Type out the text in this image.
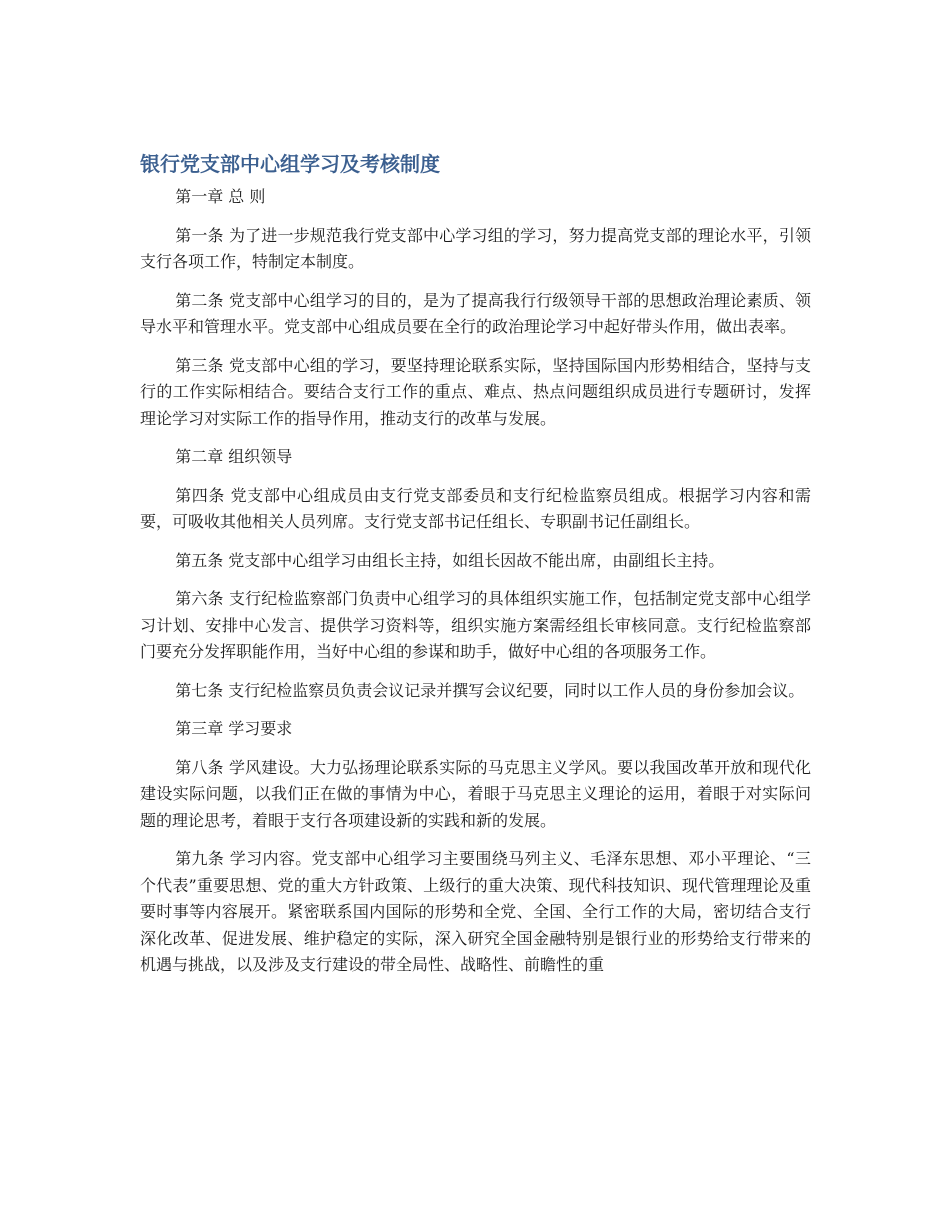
银行党支部中心组学习及考核制度

第一章 总 则

第一条 为了进一步规范我行党支部中心学习组的学习，努力提高党支部的理论水平，引领支行各项工作，特制定本制度。

第二条 党支部中心组学习的目的，是为了提高我行行级领导干部的思想政治理论素质、领导水平和管理水平。党支部中心组成员要在全行的政治理论学习中起好带头作用，做出表率。

第三条 党支部中心组的学习，要坚持理论联系实际，坚持国际国内形势相结合，坚持与支行的工作实际相结合。要结合支行工作的重点、难点、热点问题组织成员进行专题研讨，发挥理论学习对实际工作的指导作用，推动支行的改革与发展。

第二章 组织领导

第四条 党支部中心组成员由支行党支部委员和支行纪检监察员组成。根据学习内容和需要，可吸收其他相关人员列席。支行党支部书记任组长、专职副书记任副组长。

第五条 党支部中心组学习由组长主持，如组长因故不能出席，由副组长主持。

第六条 支行纪检监察部门负责中心组学习的具体组织实施工作，包括制定党支部中心组学习计划、安排中心发言、提供学习资料等，组织实施方案需经组长审核同意。支行纪检监察部门要充分发挥职能作用，当好中心组的参谋和助手，做好中心组的各项服务工作。

第七条 支行纪检监察员负责会议记录并撰写会议纪要，同时以工作人员的身份参加会议。

第三章 学习要求

第八条 学风建设。大力弘扬理论联系实际的马克思主义学风。要以我国改革开放和现代化建设实际问题，以我们正在做的事情为中心，着眼于马克思主义理论的运用，着眼于对实际问题的理论思考，着眼于支行各项建设新的实践和新的发展。

第九条 学习内容。党支部中心组学习主要围绕马列主义、毛泽东思想、邓小平理论、“三个代表”重要思想、党的重大方针政策、上级行的重大决策、现代科技知识、现代管理理论及重要时事等内容展开。紧密联系国内国际的形势和全党、全国、全行工作的大局，密切结合支行深化改革、促进发展、维护稳定的实际，深入研究全国金融特别是银行业的形势给支行带来的机遇与挑战，以及涉及支行建设的带全局性、战略性、前瞻性的重
